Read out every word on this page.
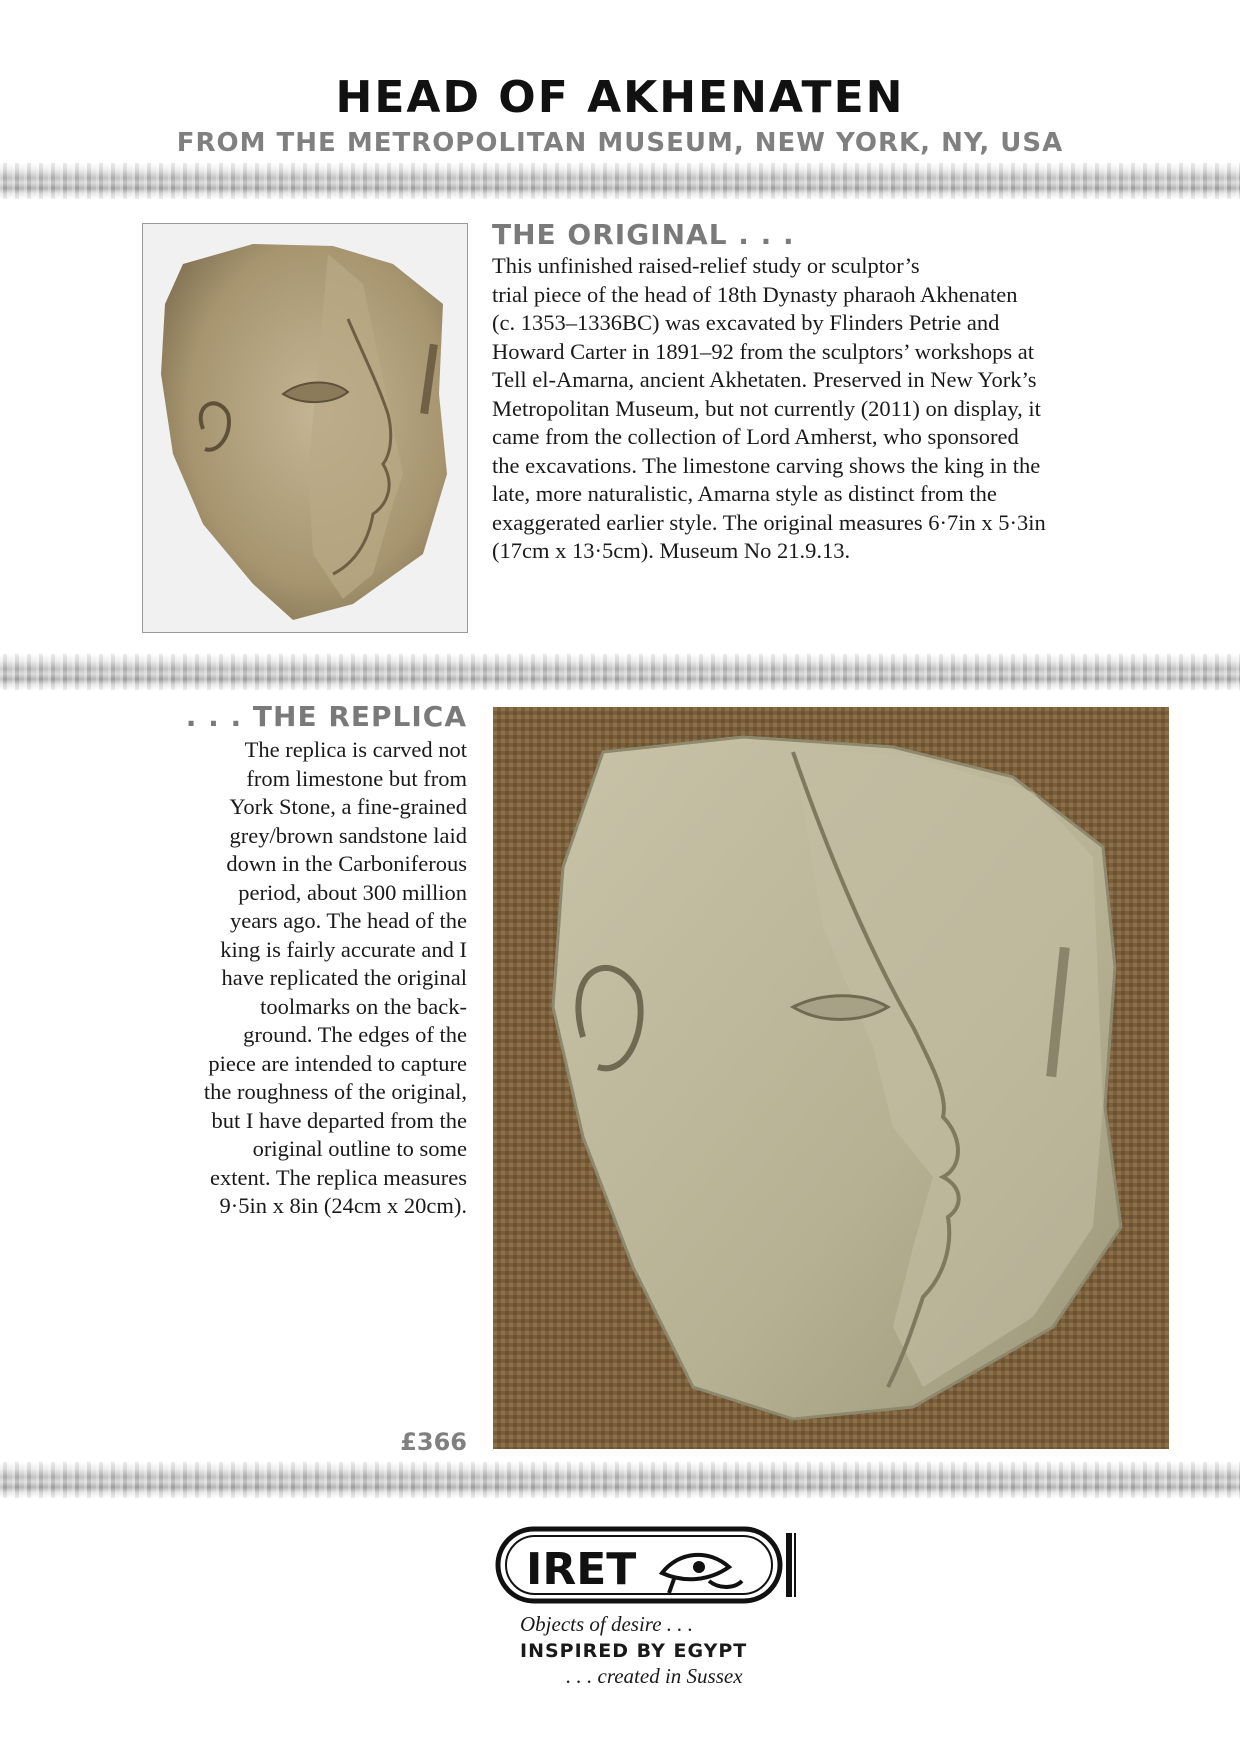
HEAD OF AKHENATEN
FROM THE METROPOLITAN MUSEUM, NEW YORK, NY, USA
THE ORIGINAL . . .
This unfinished raised-relief study or sculptor’s
trial piece of the head of 18th Dynasty pharaoh Akhenaten
(c. 1353–1336BC) was excavated by Flinders Petrie and
Howard Carter in 1891–92 from the sculptors’ workshops at
Tell el-Amarna, ancient Akhetaten. Preserved in New York’s
Metropolitan Museum, but not currently (2011) on display, it
came from the collection of Lord Amherst, who sponsored
the excavations. The limestone carving shows the king in the
late, more naturalistic, Amarna style as distinct from the
exaggerated earlier style. The original measures 6·7in x 5·3in
(17cm x 13·5cm). Museum No 21.9.13.
. . . THE REPLICA
The replica is carved not
from limestone but from
York Stone, a fine-grained
grey/brown sandstone laid
down in the Carboniferous
period, about 300 million
years ago. The head of the
king is fairly accurate and I
have replicated the original
toolmarks on the back-
ground. The edges of the
piece are intended to capture
the roughness of the original,
but I have departed from the
original outline to some
extent. The replica measures
9·5in x 8in (24cm x 20cm).
£366
IRET
Objects of desire . . .
INSPIRED BY EGYPT
. . . created in Sussex
